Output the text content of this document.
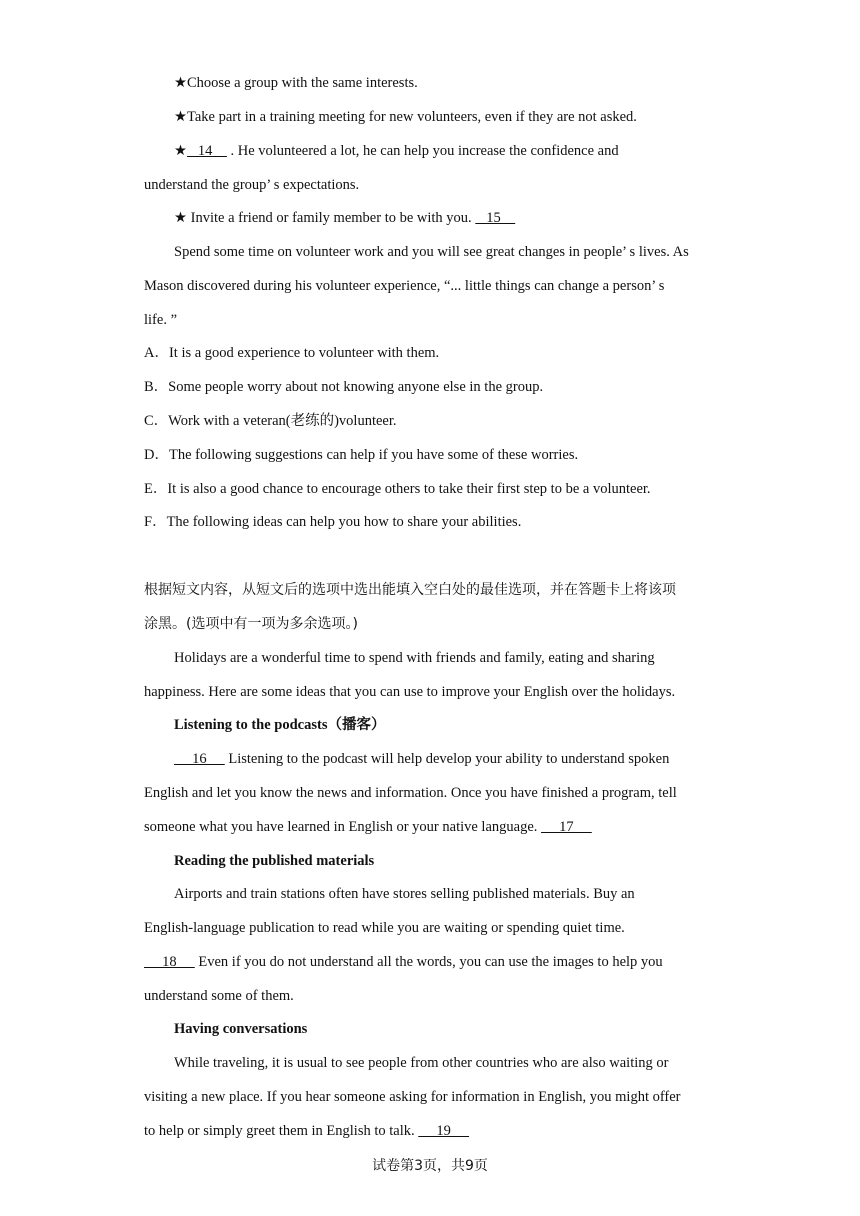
★Choose a group with the same interests.
★Take part in a training meeting for new volunteers, even if they are not asked.
★   14     . He volunteered a lot, he can help you increase the confidence and
understand the group’ s expectations.
★ Invite a friend or family member to be with you.    15
Spend some time on volunteer work and you will see great changes in people’ s lives. As
Mason discovered during his volunteer experience, “... little things can change a person’ s
life. ”
A．It is a good experience to volunteer with them.
B．Some people worry about not knowing anyone else in the group.
C．Work with a veteran(老练的)volunteer.
D．The following suggestions can help if you have some of these worries.
E．It is also a good chance to encourage others to take their first step to be a volunteer.
F．The following ideas can help you how to share your abilities.
根据短文内容，从短文后的选项中选出能填入空白处的最佳选项，并在答题卡上将该项
涂黑。(选项中有一项为多余选项。)
Holidays are a wonderful time to spend with friends and family, eating and sharing
happiness. Here are some ideas that you can use to improve your English over the holidays.
Listening to the podcasts（播客）
16      Listening to the podcast will help develop your ability to understand spoken
English and let you know the news and information. Once you have finished a program, tell
someone what you have learned in English or your native language.      17
Reading the published materials
Airports and train stations often have stores selling published materials. Buy an
English-language publication to read while you are waiting or spending quiet time.
18      Even if you do not understand all the words, you can use the images to help you
understand some of them.
Having conversations
While traveling, it is usual to see people from other countries who are also waiting or
visiting a new place. If you hear someone asking for information in English, you might offer
to help or simply greet them in English to talk.      19
试卷第3页，共9页
